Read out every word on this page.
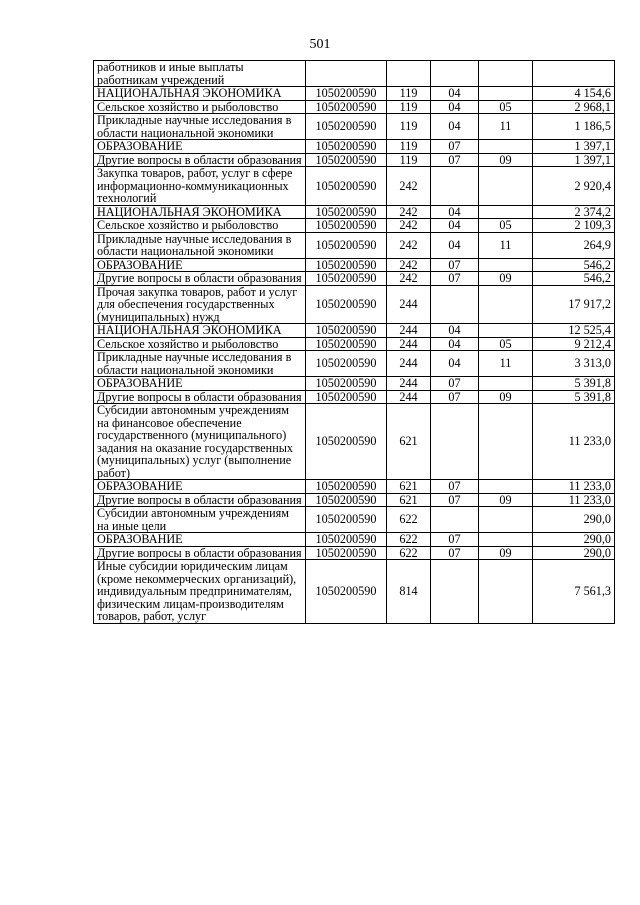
501
работников и иные выплаты работникам учреждений					
НАЦИОНАЛЬНАЯ ЭКОНОМИКА	1050200590	119	04		4 154,6
Сельское хозяйство и рыболовство	1050200590	119	04	05	2 968,1
Прикладные научные исследования в области национальной экономики	1050200590	119	04	11	1 186,5
ОБРАЗОВАНИЕ	1050200590	119	07		1 397,1
Другие вопросы в области образования	1050200590	119	07	09	1 397,1
Закупка товаров, работ, услуг в сфере информационно-коммуникационных технологий	1050200590	242			2 920,4
НАЦИОНАЛЬНАЯ ЭКОНОМИКА	1050200590	242	04		2 374,2
Сельское хозяйство и рыболовство	1050200590	242	04	05	2 109,3
Прикладные научные исследования в области национальной экономики	1050200590	242	04	11	264,9
ОБРАЗОВАНИЕ	1050200590	242	07		546,2
Другие вопросы в области образования	1050200590	242	07	09	546,2
Прочая закупка товаров, работ и услуг для обеспечения государственных (муниципальных) нужд	1050200590	244			17 917,2
НАЦИОНАЛЬНАЯ ЭКОНОМИКА	1050200590	244	04		12 525,4
Сельское хозяйство и рыболовство	1050200590	244	04	05	9 212,4
Прикладные научные исследования в области национальной экономики	1050200590	244	04	11	3 313,0
ОБРАЗОВАНИЕ	1050200590	244	07		5 391,8
Другие вопросы в области образования	1050200590	244	07	09	5 391,8
Субсидии автономным учреждениям на финансовое обеспечение государственного (муниципального) задания на оказание государственных (муниципальных) услуг (выполнение работ)	1050200590	621			11 233,0
ОБРАЗОВАНИЕ	1050200590	621	07		11 233,0
Другие вопросы в области образования	1050200590	621	07	09	11 233,0
Субсидии автономным учреждениям на иные цели	1050200590	622			290,0
ОБРАЗОВАНИЕ	1050200590	622	07		290,0
Другие вопросы в области образования	1050200590	622	07	09	290,0
Иные субсидии юридическим лицам (кроме некоммерческих организаций), индивидуальным предпринимателям, физическим лицам-производителям товаров, работ, услуг	1050200590	814			7 561,3
